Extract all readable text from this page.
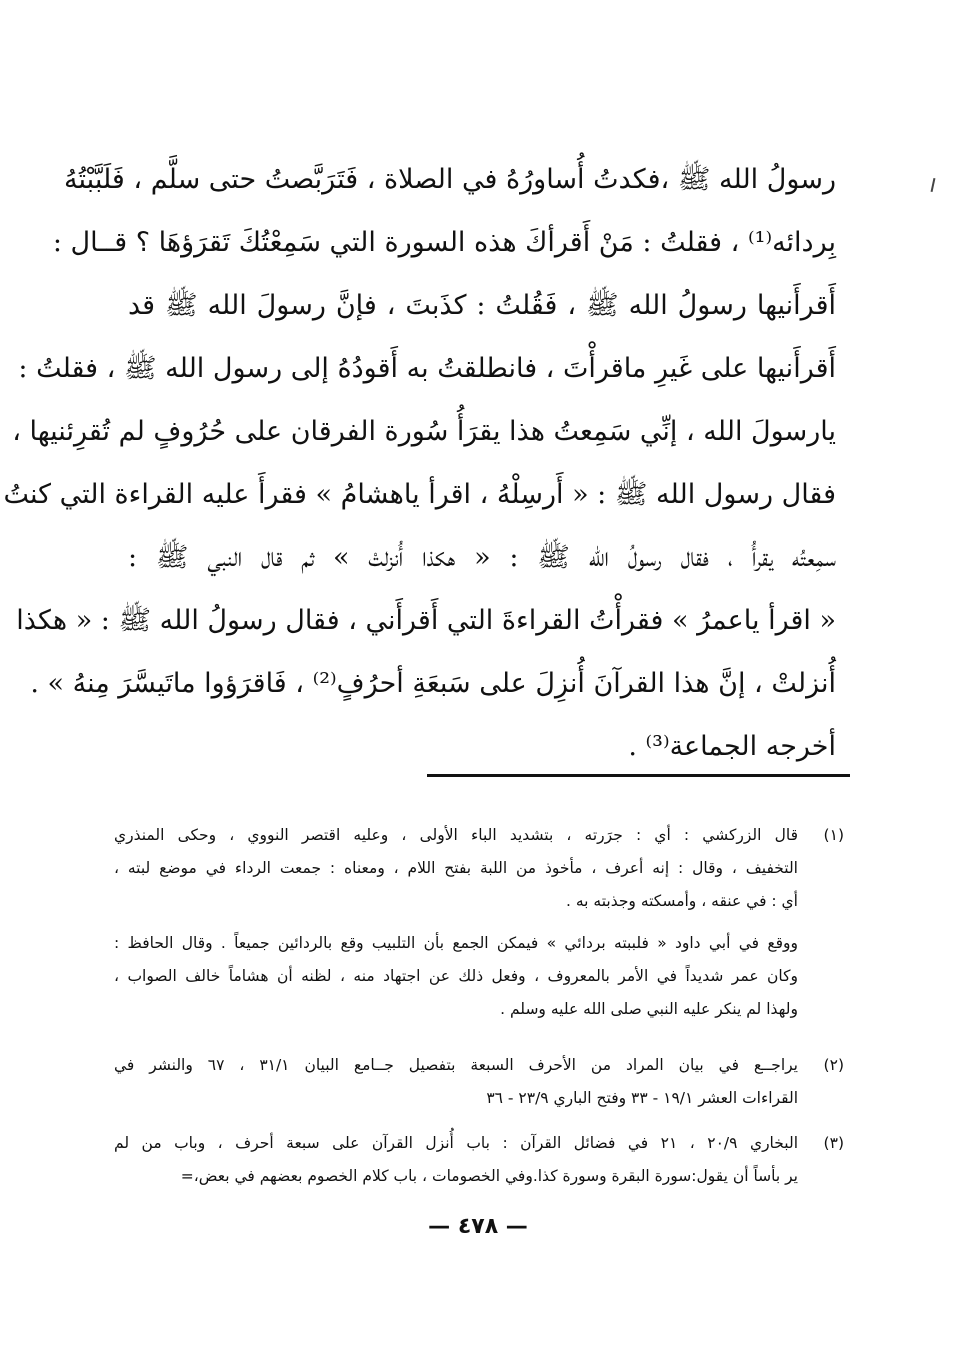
رسولُ الله ﷺ ،فكدتُ أُساورُهُ في الصلاة ، فَتَرَبَّصتُ حتى سلَّم ، فَلَبَّبْتُهُ
بِردائه⁽¹⁾ ، فقلتُ : مَنْ أَقرأكَ هذه السورة التي سَمِعْتُكَ تَقرَؤهَا ؟ قــال :
أَقرأَنيها رسولُ الله ﷺ ، فَقُلتُ : كذَبتَ ، فإنَّ رسولَ الله ﷺ قد
أَقرأَنيها على غَيرِ ماقرأْتَ ، فانطلقتُ به أَقودُهُ إلى رسول الله ﷺ ، فقلتُ :
يارسولَ الله ، إنِّي سَمِعتُ هذا يقرَأُ سُورة الفرقان على حُرُوفٍ لم تُقرِئنيها ،
فقال رسول الله ﷺ : « أَرسِلْهُ ، اقرأ ياهشامُ » فقرأَ عليه القراءة التي كنتُ
سمِعتُه يقرأُ ، فقال رسولُ الله ﷺ : « هكذا أُنزلتْ » ثم قال النبي ﷺ :
« اقرأ ياعمرُ » فقرأْتُ القراءةَ التي أَقرأَني ، فقال رسولُ الله ﷺ : « هكذا
أُنزلتْ ، إنَّ هذا القرآنَ أُنزِلَ على سَبعَةِ أحرُفٍ⁽²⁾ ، فَاقرَؤوا ماتَيسَّرَ مِنهُ » .
أخرجه الجماعة⁽³⁾ .
(١)
قال الزركشي : أي : جرَرته ، بتشديد الباء الأولى ، وعليه اقتصر النووي ، وحكى المنذري
التخفيف ، وقال : إنه أعرف ، مأخوذ من اللبة بفتح اللام ، ومعناه : جمعت الرداء في موضع لبته ،
أي : في عنقه ، وأمسكته وجذبته به .
ووقع في أبي داود « فلببته بردائي » فيمكن الجمع بأن التلبيب وقع بالردائين جميعاً . وقال الحافظ :
وكان عمر شديداً في الأمر بالمعروف ، وفعل ذلك عن اجتهاد منه ، لظنه أن هشاماً خالف الصواب ،
ولهذا لم ينكر عليه النبي صلى الله عليه وسلم .
(٢)
يراجــع في بيان المراد من الأحرف السبعة بتفصيل جــامع البيان ٣١/١ ، ٦٧ والنشر في
القراءات العشر ١٩/١ - ٣٣ وفتح الباري ٢٣/٩ - ٣٦
(٣)
البخاري ٢٠/٩ ، ٢١ في فضائل القرآن : باب أُنزل القرآن على سبعة أحرف ، وباب من لم
ير بأساً أن يقول:سورة البقرة وسورة كذا.وفي الخصومات ، باب كلام الخصوم بعضهم في بعض،=
— ٤٧٨ —
